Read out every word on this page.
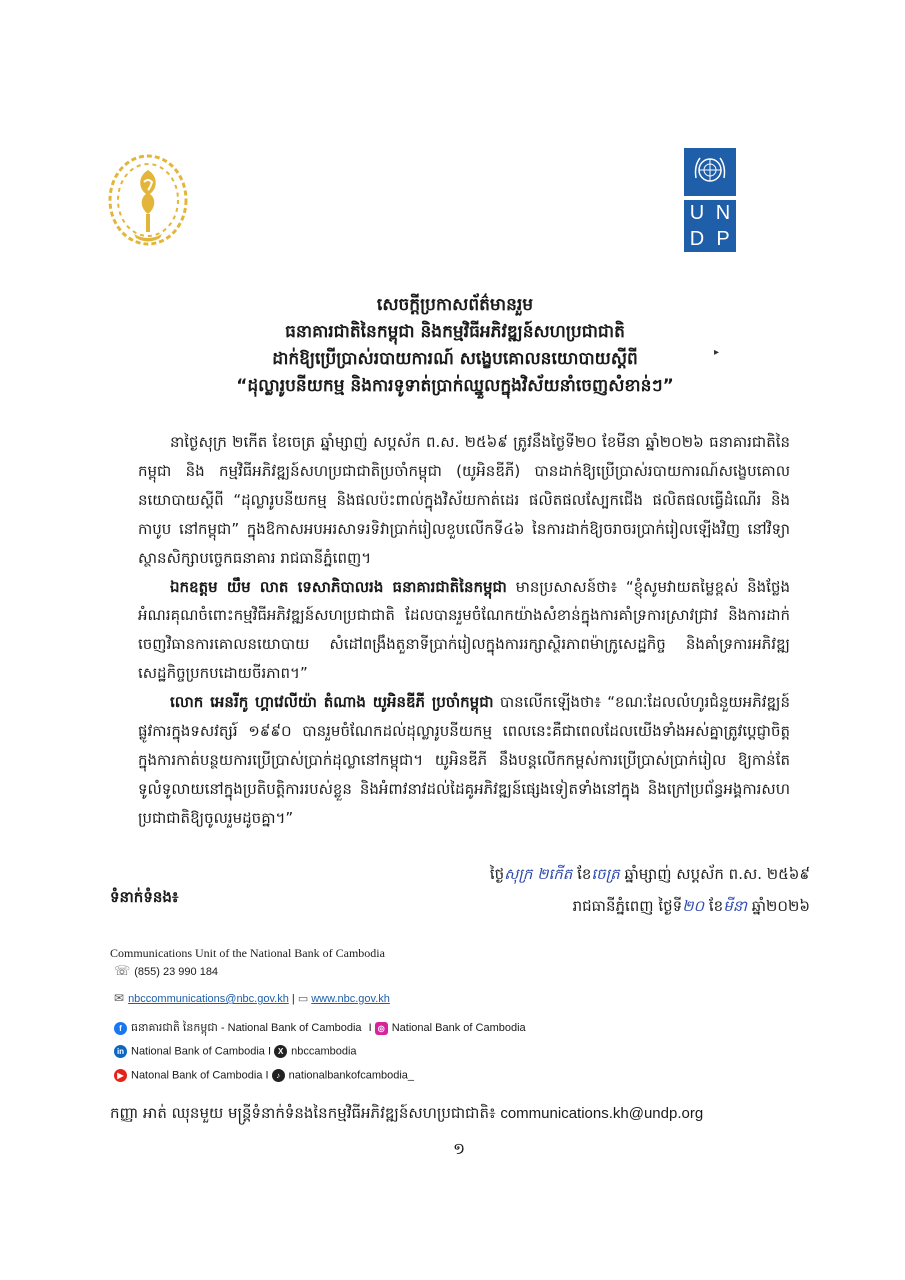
U N
D P
សេចក្តីប្រកាសព័ត៌មានរួម
ធនាគារជាតិនៃកម្ពុជា និងកម្មវិធីអភិវឌ្ឍន៍សហប្រជាជាតិ
ដាក់ឱ្យប្រើប្រាស់របាយការណ៍ សង្ខេបគោលនយោបាយស្ដីពី
“ដុល្លារូបនីយកម្ម និងការទូទាត់ប្រាក់ឈ្នួលក្នុងវិស័យនាំចេញសំខាន់ៗ”
▸

នាថ្ងៃសុក្រ ២កើត ខែចេត្រ ឆ្នាំម្សាញ់ សប្តស័ក ព.ស. ២៥៦៩ ត្រូវនឹងថ្ងៃទី២០ ខែមីនា ឆ្នាំ២០២៦ ធនាគារជាតិនៃកម្ពុជា និង កម្មវិធីអភិវឌ្ឍន៍សហប្រជាជាតិប្រចាំកម្ពុជា (យូអិនឌីភី) បានដាក់ឱ្យប្រើប្រាស់របាយការណ៍សង្ខេបគោលនយោបាយស្តីពី “ដុល្លារូបនីយកម្ម និងផលប៉ះពាល់ក្នុងវិស័យកាត់ដេរ ផលិតផលស្បែកជើង ផលិតផលធ្វើដំណើរ និងកាបូប នៅកម្ពុជា” ក្នុងឱកាសអបអរសាទរទិវាប្រាក់រៀលខួបលើកទី៤៦ នៃការដាក់ឱ្យចរាចរប្រាក់រៀលឡើងវិញ នៅវិទ្យាស្ថានសិក្សាបច្ចេកធនាគារ រាជធានីភ្នំពេញ។

ឯកឧត្តម យឹម លាត ទេសាភិបាលរង ធនាគារជាតិនៃកម្ពុជា មានប្រសាសន៍ថា៖ “ខ្ញុំសូមវាយតម្លៃខ្ពស់ និងថ្លែងអំណរគុណចំពោះកម្មវិធីអភិវឌ្ឍន៍សហប្រជាជាតិ ដែលបានរួមចំណែកយ៉ាងសំខាន់ក្នុងការគាំទ្រការស្រាវជ្រាវ និងការដាក់ចេញវិធានការគោលនយោបាយ សំដៅពង្រឹងតួនាទីប្រាក់រៀលក្នុងការរក្សាស្ថិរភាពម៉ាក្រូសេដ្ឋកិច្ច និងគាំទ្រការអភិវឌ្ឍសេដ្ឋកិច្ចប្រកបដោយចីរភាព។”

លោក អេនរីកូ ហ្គាវេលីយ៉ា តំណាង យូអិនឌីភី ប្រចាំកម្ពុជា បានលើកឡើងថា៖ “ខណៈដែលលំហូរជំនួយអភិវឌ្ឍន៍ផ្លូវការក្នុងទសវត្សរ៍ ១៩៩០ បានរួមចំណែកដល់ដុល្លារូបនីយកម្ម ពេលនេះគឺជាពេលដែលយើងទាំងអស់គ្នាត្រូវប្ដេជ្ញាចិត្ត ក្នុងការកាត់បន្ថយការប្រើប្រាស់ប្រាក់ដុល្លានៅកម្ពុជា។ យូអិនឌីភី នឹងបន្តលើកកម្ពស់ការប្រើប្រាស់ប្រាក់រៀល ឱ្យកាន់តែទូលំទូលាយនៅក្នុងប្រតិបត្តិការរបស់ខ្លួន និងអំពាវនាវដល់ដៃគូអភិវឌ្ឍន៍ផ្សេងទៀតទាំងនៅក្នុង និងក្រៅប្រព័ន្ធអង្គការសហប្រជាជាតិឱ្យចូលរួមដូចគ្នា។”

ថ្ងៃសុក្រ ២កើត ខែចេត្រ ឆ្នាំម្សាញ់ សប្តស័ក ព.ស. ២៥៦៩
រាជធានីភ្នំពេញ ថ្ងៃទី២០ ខែមីនា ឆ្នាំ២០២៦
ទំនាក់ទំនង៖
Communications Unit of the National Bank of Cambodia
☏ (855) 23 990 184
✉ nbccommunications@nbc.gov.kh | ▭ www.nbc.gov.kh
f ធនាគារជាតិ នៃកម្ពុជា - National Bank of Cambodia I ◎ National Bank of Cambodia
in National Bank of Cambodia I X nbccambodia
▶ Natonal Bank of Cambodia I ♪ nationalbankofcambodia_
កញ្ញា អាត់ ឈុនមួយ មន្ត្រីទំនាក់ទំនងនៃកម្មវិធីអភិវឌ្ឍន៍សហប្រជាជាតិ៖ communications.kh@undp.org
១
